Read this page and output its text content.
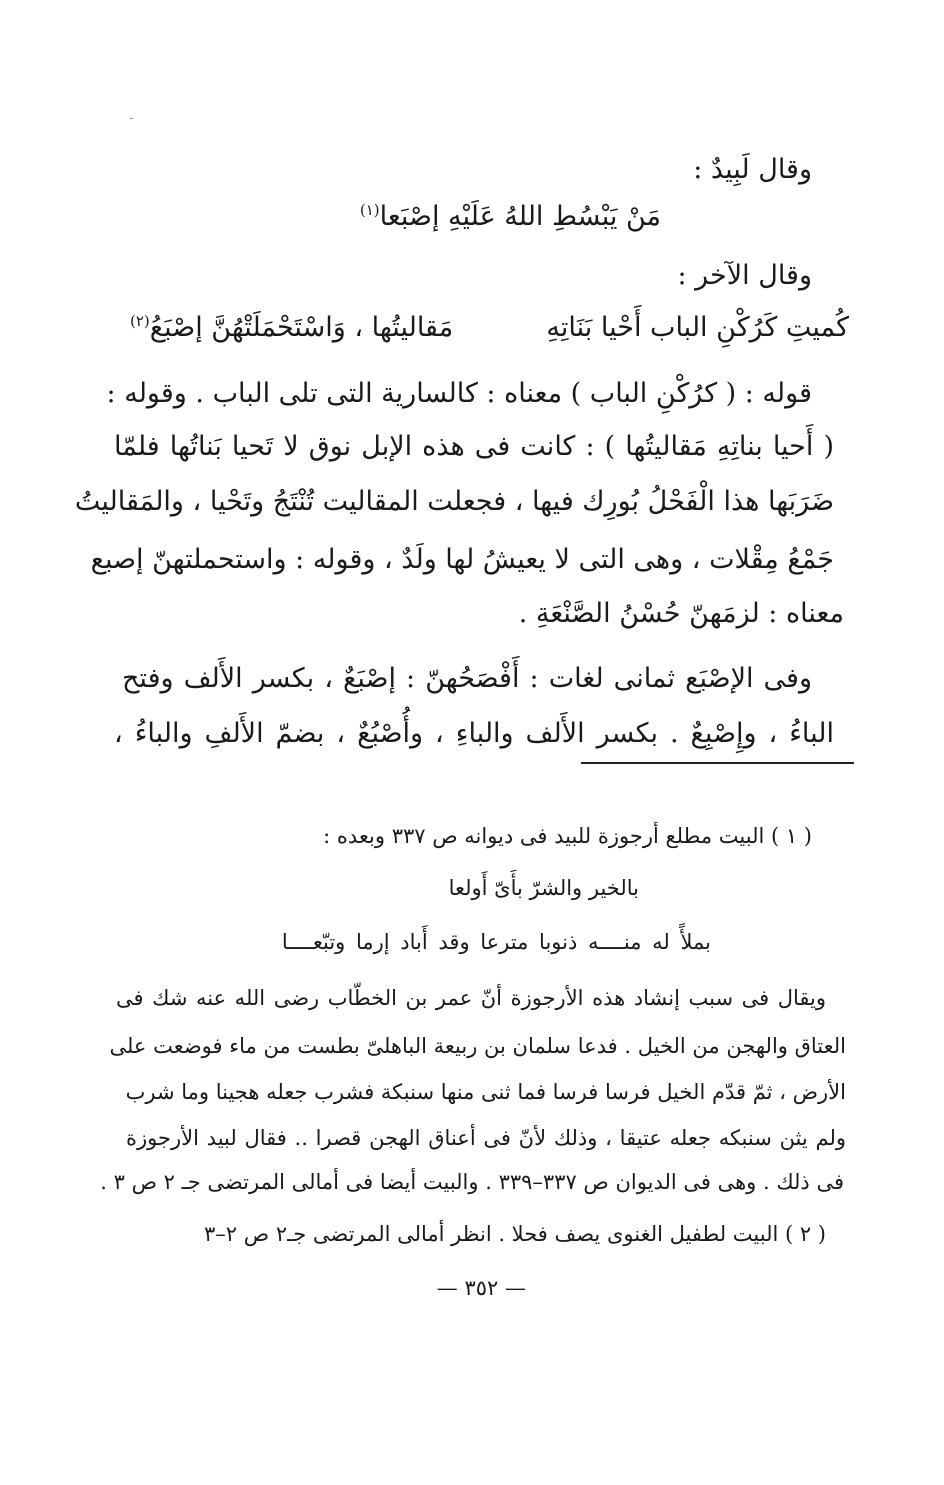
وقال لَبِيدٌ :
مَنْ يَبْسُطِ اللهُ عَلَيْهِ إصْبَعا$^{(١)}$
وقال الآخر :
كُميتِ كَرُكْنِ الباب أَحْيا بَنَاتِهِ
مَقاليتُها ، وَاسْتَحْمَلَتْهُنَّ إصْبَعُ$^{(٢)}$
قوله : ( كرُكْنِ الباب ) معناه : كالسارية التى تلى الباب . وقوله :
( أَحيا بناتِهِ مَقاليتُها ) : كانت فى هذه الإبل نوق لا تَحيا بَناتُها فلمّا
ضَرَبَها هذا الْفَحْلُ بُورِك فيها ، فجعلت المقاليت تُنْتَجُ وتَحْيا ، والمَقاليتُ
جَمْعُ مِقْلات ، وهى التى لا يعيشُ لها ولَدٌ ، وقوله : واستحملتهنّ إصبع
معناه : لزمَهنّ حُسْنُ الصَّنْعَةِ .
وفى الإصْبَع ثمانى لغات : أَفْصَحُهنّ : إصْبَعٌ ، بكسر الأَلف وفتح
الباءُ ، وإِصْبِعٌ . بكسر الأَلف والباءِ ، وأُصْبُعٌ ، بضمّ الأَلفِ والباءُ ،
( ١ ) البيت مطلع أرجوزة للبيد فى ديوانه ص ٣٣٧ وبعده :
بالخير والشرّ بأَىّ أَولعا
بملأً له منــــه ذنوبا مترعا وقد أَباد إرما وتبّعــــا
ويقال فى سبب إنشاد هذه الأرجوزة أنّ عمر بن الخطّاب رضى الله عنه شك فى
العتاق والهجن من الخيل . فدعا سلمان بن ربيعة الباهلىّ بطست من ماء فوضعت على
الأرض ، ثمّ قدّم الخيل فرسا فرسا فما ثنى منها سنبكة فشرب جعله هجينا وما شرب
ولم يثن سنبكه جعله عتيقا ، وذلك لأنّ فى أعناق الهجن قصرا .. فقال لبيد الأرجوزة
فى ذلك . وهى فى الديوان ص ٣٣٧–٣٣٩ . والبيت أيضا فى أمالى المرتضى جـ ٢ ص ٣ .
( ٢ ) البيت لطفيل الغنوى يصف فحلا . انظر أمالى المرتضى جـ٢ ص ٢–٣
— ٣٥٢ —
